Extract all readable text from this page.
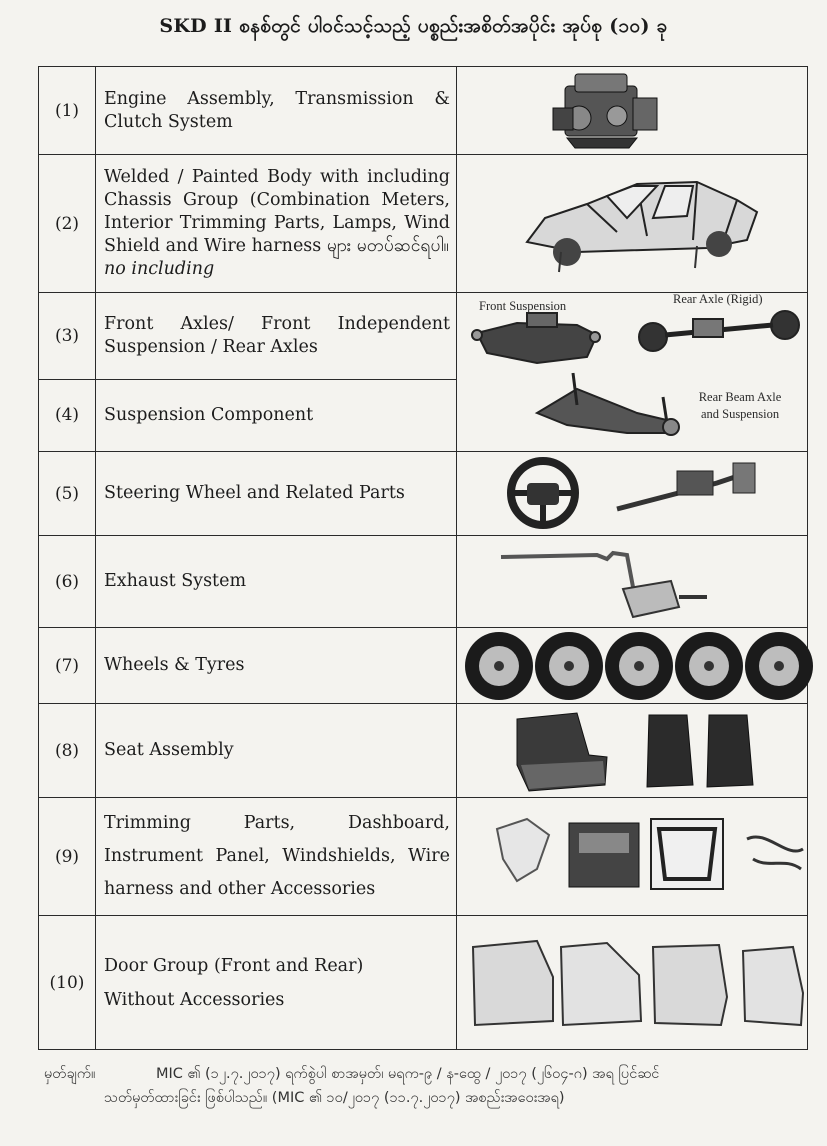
SKD II စနစ်တွင် ပါဝင်သင့်သည့် ပစ္စည်းအစိတ်အပိုင်း အုပ်စု (၁၀) ခု
(1)	Engine Assembly, Transmission & Clutch System

(2)	Welded / Painted Body with including Chassis Group (Combination Meters, Interior Trimming Parts, Lamps, Wind Shield and Wire harness များ မတပ်ဆင်ရပါ။
no including	

(3)	Front Axles/ Front Independent Suspension / Rear Axles	Front Suspension Rear Axle (Rigid)
Rear Beam Axle
and Suspension

(4)	Suspension Component	

(5)	Steering Wheel and Related Parts

(6)	Exhaust System

(7)	Wheels & Tyres

(8)	Seat Assembly

(9)	Trimming Parts, Dashboard, Instrument Panel, Windshields, Wire harness and other Accessories

(10)	Door Group (Front and Rear)
Without Accessories

မှတ်ချက်။	MIC ၏ (၁၂.၇.၂၀၁၇) ရက်စွဲပါ စာအမှတ်၊ မရက-၉ / န-ထွေ / ၂၀၁၇ (၂၆၀၄-ဂ) အရ ပြင်ဆင်
သတ်မှတ်ထားခြင်း ဖြစ်ပါသည်။ (MIC ၏ ၁၀/၂၀၁၇ (၁၁.၇.၂၀၁၇) အစည်းအဝေးအရ)
